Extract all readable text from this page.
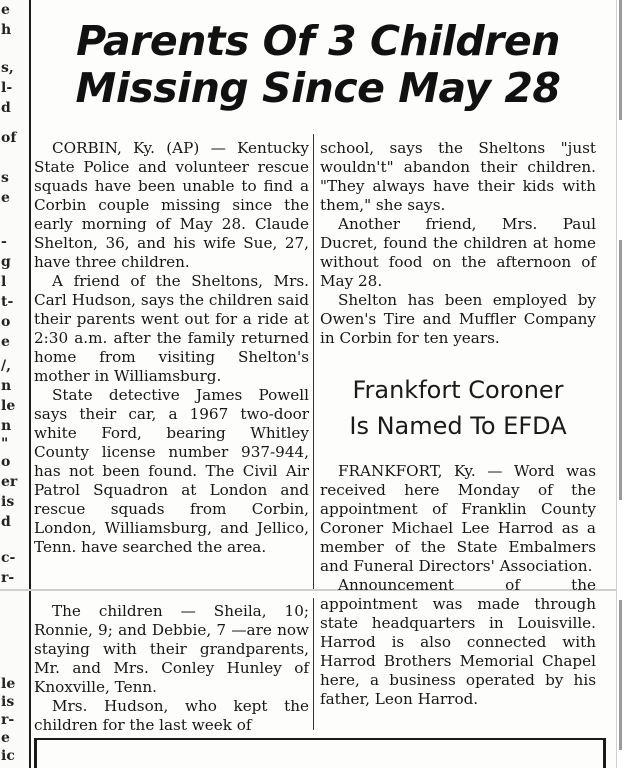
e
h
s,
l-
d
of
s
e
-
g
l
t-
o
e
/,
n
le
n
"
o
er
is
d
c-
r-
le
is
r-
e
ic
Parents Of 3 Children
Missing Since May 28

CORBIN, Ky. (AP) — Kentucky State Police and volunteer rescue squads have been unable to find a Corbin couple missing since the early morning of May 28. Claude Shelton, 36, and his wife Sue, 27, have three children.

A friend of the Sheltons, Mrs. Carl Hudson, says the children said their parents went out for a ride at 2:30 a.m. after the family returned home from visiting Shelton's mother in Williamsburg.

State detective James Powell says their car, a 1967 two-door white Ford, bearing Whitley County license number 937-944, has not been found. The Civil Air Patrol Squadron at London and rescue squads from Corbin, London, Williamsburg, and Jellico, Tenn. have searched the area.

The children — Sheila, 10; Ronnie, 9; and Debbie, 7 —are now staying with their grandparents, Mr. and Mrs. Conley Hunley of Knoxville, Tenn.

Mrs. Hudson, who kept the children for the last week of

school, says the Sheltons "just wouldn't" abandon their children. "They always have their kids with them," she says.

Another friend, Mrs. Paul Ducret, found the children at home without food on the afternoon of May 28.

Shelton has been employed by Owen's Tire and Muffler Company in Corbin for ten years.

Frankfort Coroner
Is Named To EFDA

FRANKFORT, Ky. — Word was received here Monday of the appointment of Franklin County Coroner Michael Lee Harrod as a member of the State Embalmers and Funeral Directors' Association.

Announcement of the appointment was made through state headquarters in Louisville. Harrod is also connected with Harrod Brothers Memorial Chapel here, a business operated by his father, Leon Harrod.
